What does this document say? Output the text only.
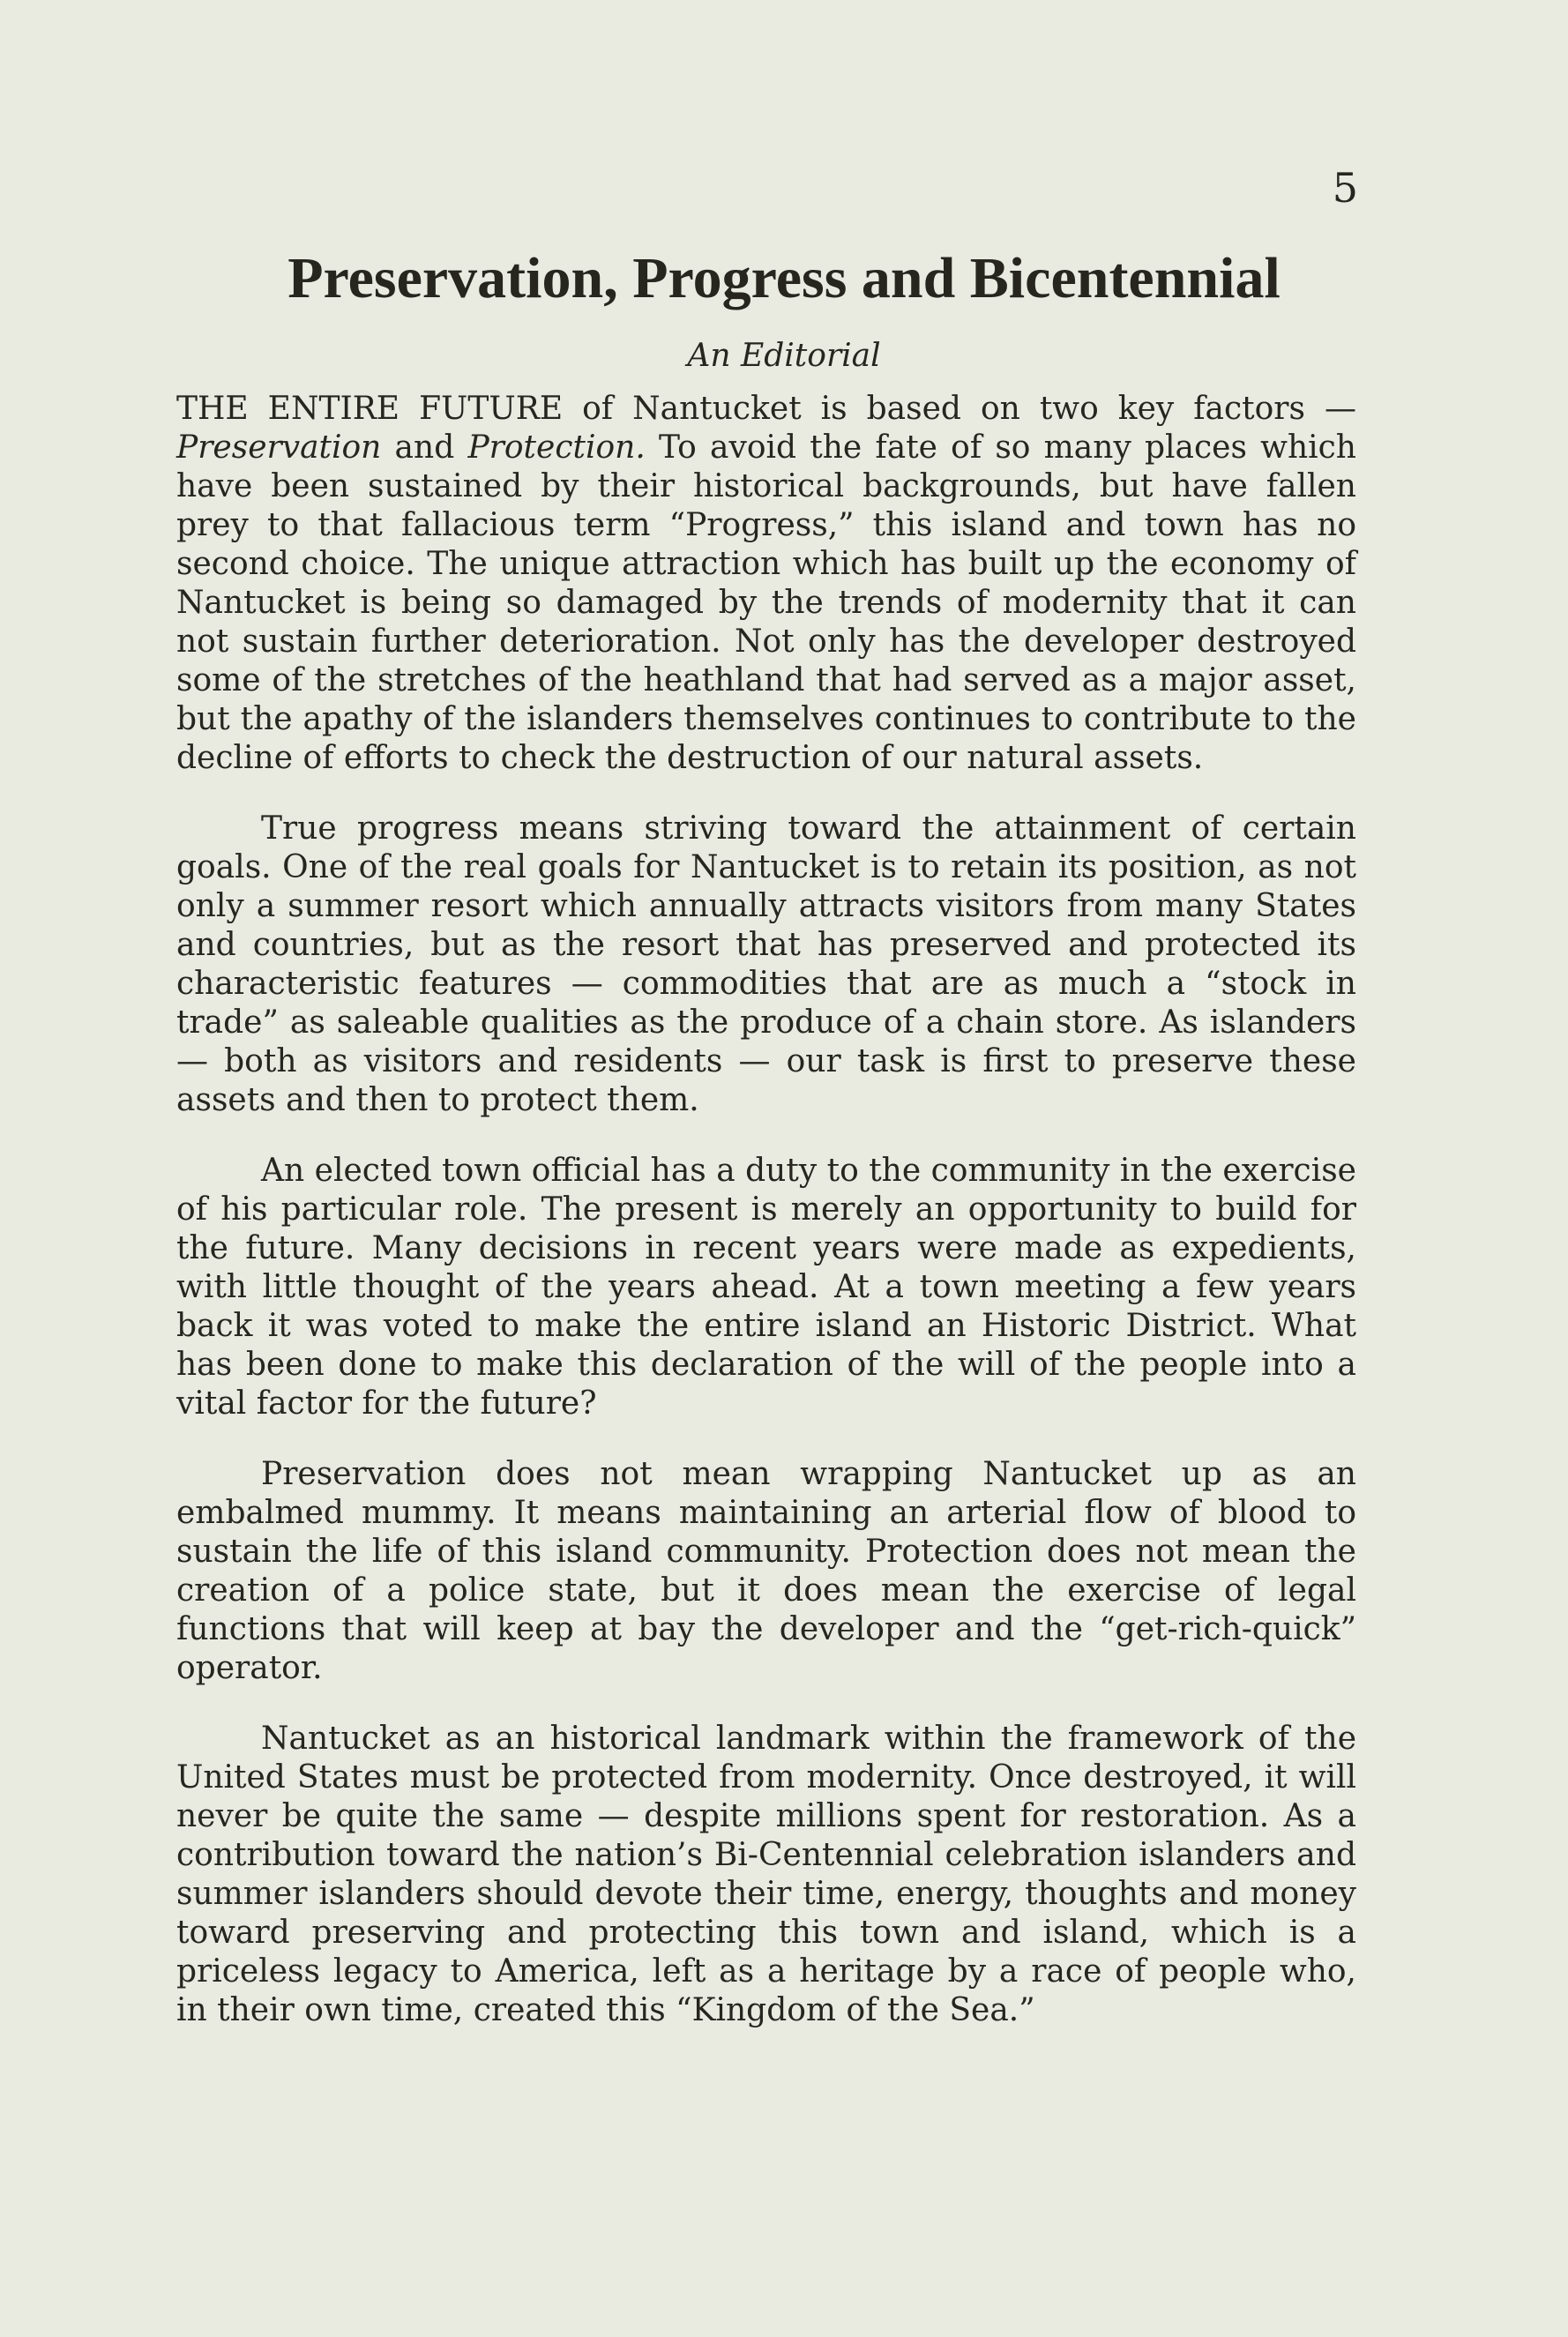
5
Preservation, Progress and Bicentennial
An Editorial

THE ENTIRE FUTURE of Nantucket is based on two key factors — Preservation and Protection. To avoid the fate of so many places which have been sustained by their historical backgrounds, but have fallen prey to that fallacious term “Progress,” this island and town has no second choice. The unique attraction which has built up the economy of Nantucket is being so damaged by the trends of modernity that it can not sustain further deterioration. Not only has the developer destroyed some of the stretches of the heathland that had served as a major asset, but the apathy of the islanders themselves continues to contribute to the decline of efforts to check the destruction of our natural assets.

True progress means striving toward the attainment of certain goals. One of the real goals for Nantucket is to retain its position, as not only a summer resort which annually attracts visitors from many States and countries, but as the resort that has preserved and protected its characteristic features — commodities that are as much a “stock in trade” as saleable qualities as the produce of a chain store. As islanders — both as visitors and residents — our task is first to preserve these assets and then to protect them.

An elected town official has a duty to the community in the exercise of his particular role. The present is merely an opportunity to build for the future. Many decisions in recent years were made as expedients, with little thought of the years ahead. At a town meeting a few years back it was voted to make the entire island an Historic District. What has been done to make this declaration of the will of the people into a vital factor for the future?

Preservation does not mean wrapping Nantucket up as an embalmed mummy. It means maintaining an arterial flow of blood to sustain the life of this island community. Protection does not mean the creation of a police state, but it does mean the exercise of legal functions that will keep at bay the developer and the “get-rich-quick” operator.

Nantucket as an historical landmark within the framework of the United States must be protected from modernity. Once destroyed, it will never be quite the same — despite millions spent for restoration. As a contribution toward the nation’s Bi-Centennial celebration islanders and summer islanders should devote their time, energy, thoughts and money toward preserving and protecting this town and island, which is a priceless legacy to America, left as a heritage by a race of people who, in their own time, created this “Kingdom of the Sea.”
